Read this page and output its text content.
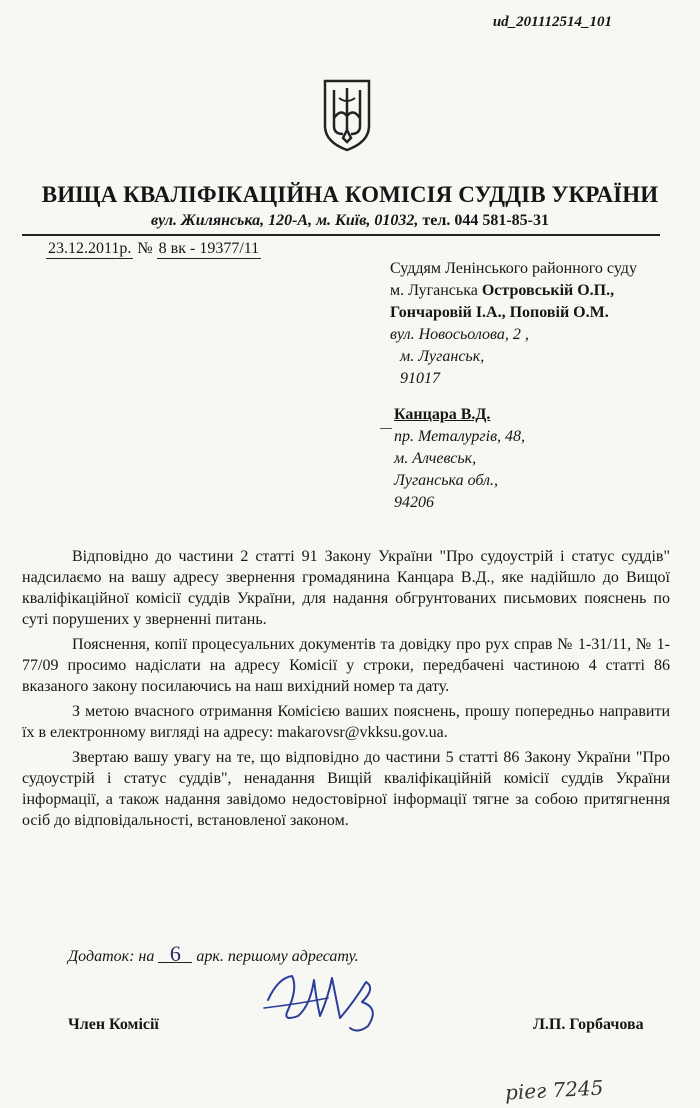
ud_201112514_101
ВИЩА КВАЛІФІКАЦІЙНА КОМІСІЯ СУДДІВ УКРАЇНИ
вул. Жилянська, 120-А, м. Київ, 01032, тел. 044 581-85-31
23.12.2011р. № 8 вк - 19377/11
Суддям Ленінського районного суду
м. Луганська Островській О.П.,
Гончаровій І.А., Поповій О.М.
вул. Новосьолова, 2 ,
м. Луганськ,
91017
Канцара В.Д.
пр. Металургів, 48,
м. Алчевськ,
Луганська обл.,
94206

Відповідно до частини 2 статті 91 Закону України "Про судоустрій і статус суддів" надсилаємо на вашу адресу звернення громадянина Канцара В.Д., яке надійшло до Вищої кваліфікаційної комісії суддів України, для надання обгрунтованих письмових пояснень по суті порушених у зверненні питань.

Пояснення, копії процесуальних документів та довідку про рух справ № 1-31/11, № 1-77/09 просимо надіслати на адресу Комісії у строки, передбачені частиною 4 статті 86 вказаного закону посилаючись на наш вихідний номер та дату.

З метою вчасного отримання Комісією ваших пояснень, прошу попередньо направити їх в електронному вигляді на адресу: makarovsr@vkksu.gov.ua.

Звертаю вашу увагу на те, що відповідно до частини 5 статті 86 Закону України "Про судоустрій і статус суддів", ненадання Вищій кваліфікаційній комісії суддів України інформації, а також надання завідомо недостовірної інформації тягне за собою притягнення осіб до відповідальності, встановленої законом.

Додаток: на 6 арк. першому адресату.
Член Комісії	Л.П. Горбачова
ріег 7245
